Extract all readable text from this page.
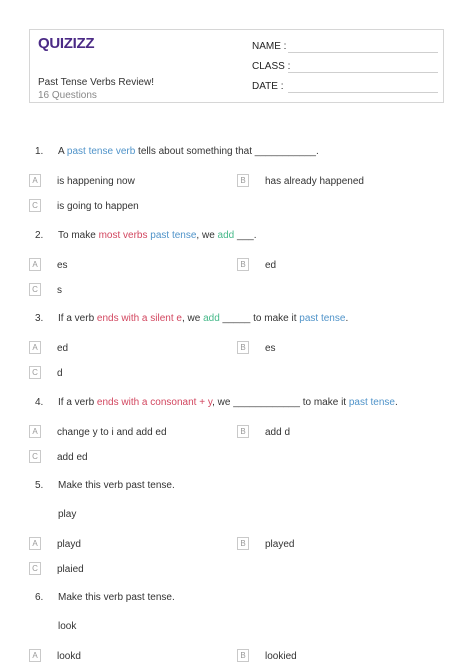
QUIZIZZ
Past Tense Verbs Review!
16 Questions
NAME :
CLASS :
DATE :
1. A past tense verb tells about something that ___________.
A	is happening now	B	has already happened
C	is going to happen
2. To make most verbs past tense, we add ___.
A	es	B	ed
C	s
3. If a verb ends with a silent e, we add _____ to make it past tense.
A	ed	B	es
C	d
4. If a verb ends with a consonant + y, we ____________ to make it past tense.
A	change y to i and add ed	B	add d
C	add ed
5. Make this verb past tense.
play
A	playd	B	played
C	plaied
6. Make this verb past tense.
look
A	lookd	B	lookied
